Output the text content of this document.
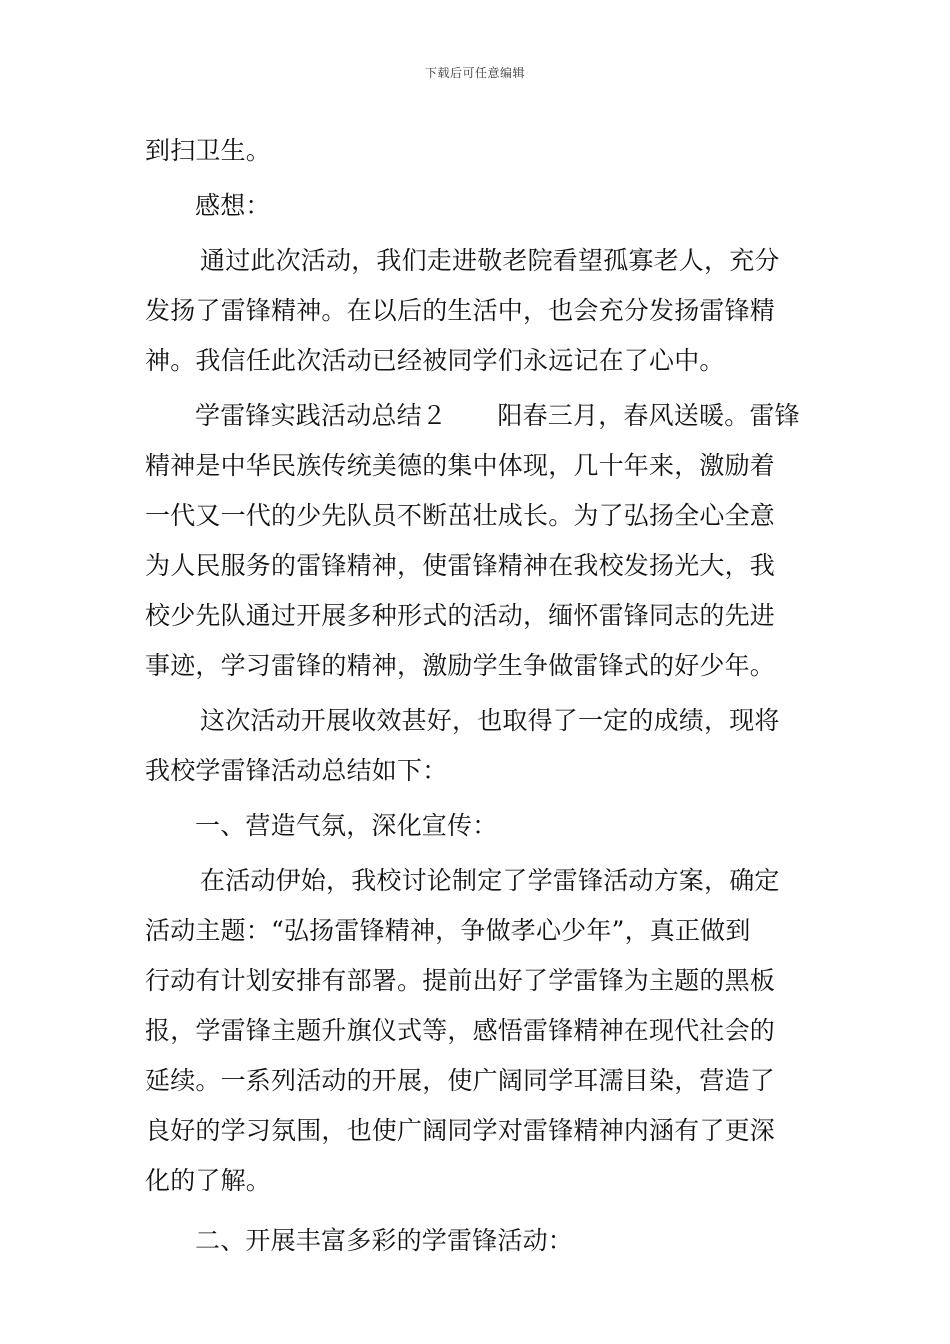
下载后可任意编辑
到扫卫生。
感想：
通过此次活动，我们走进敬老院看望孤寡老人，充分
发扬了雷锋精神。在以后的生活中，也会充分发扬雷锋精
神。我信任此次活动已经被同学们永远记在了心中。
学雷锋实践活动总结２　　阳春三月，春风送暖。雷锋
精神是中华民族传统美德的集中体现，几十年来，激励着
一代又一代的少先队员不断茁壮成长。为了弘扬全心全意
为人民服务的雷锋精神，使雷锋精神在我校发扬光大，我
校少先队通过开展多种形式的活动，缅怀雷锋同志的先进
事迹，学习雷锋的精神，激励学生争做雷锋式的好少年。
这次活动开展收效甚好，也取得了一定的成绩，现将
我校学雷锋活动总结如下：
一、营造气氛，深化宣传：
在活动伊始，我校讨论制定了学雷锋活动方案，确定
活动主题：“弘扬雷锋精神，争做孝心少年”，真正做到
行动有计划安排有部署。提前出好了学雷锋为主题的黑板
报，学雷锋主题升旗仪式等，感悟雷锋精神在现代社会的
延续。一系列活动的开展，使广阔同学耳濡目染，营造了
良好的学习氛围，也使广阔同学对雷锋精神内涵有了更深
化的了解。
二、开展丰富多彩的学雷锋活动：
